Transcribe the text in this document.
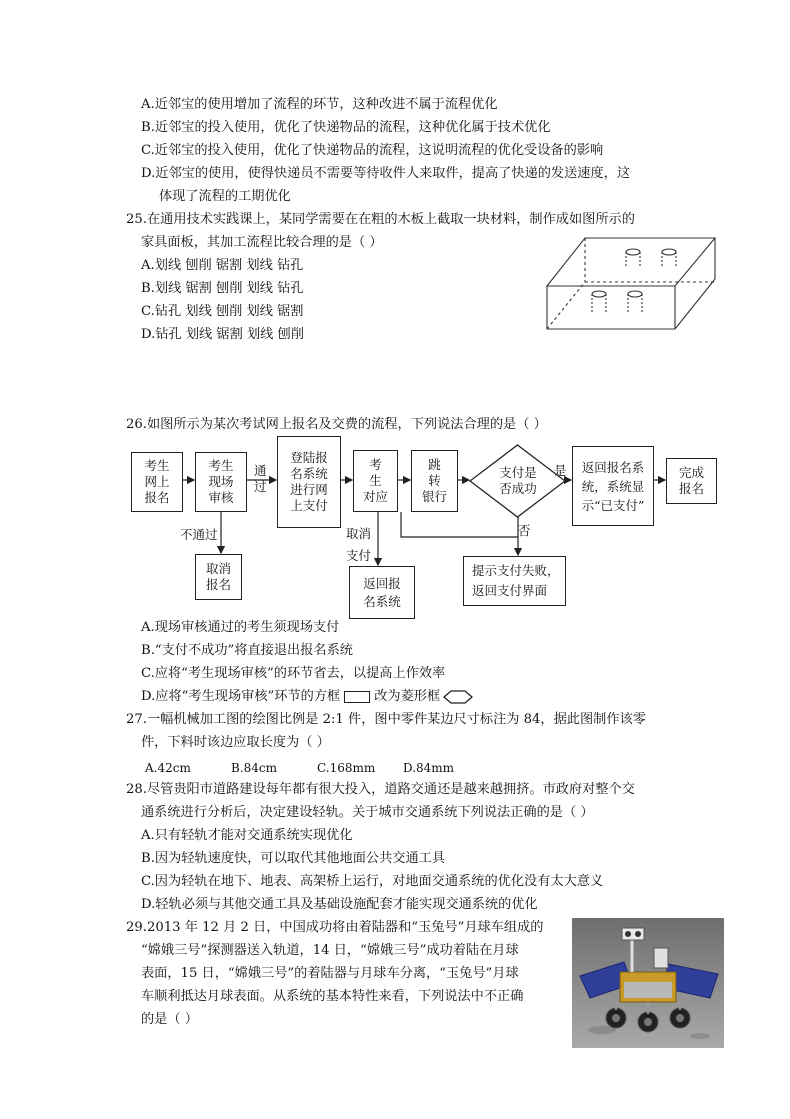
A.近邻宝的使用增加了流程的环节，这种改进不属于流程优化
B.近邻宝的投入使用，优化了快递物品的流程，这种优化属于技术优化
C.近邻宝的投入使用，优化了快递物品的流程，这说明流程的优化受设备的影响
D.近邻宝的使用，使得快递员不需要等待收件人来取件，提高了快递的发送速度，这
体现了流程的工期优化
25.在通用技术实践课上，某同学需要在在粗的木板上截取一块材料，制作成如图所示的
家具面板，其加工流程比较合理的是（ ）
A.划线 刨削 锯割 划线 钻孔
B.划线 锯割 刨削 划线 钻孔
C.钻孔 划线 刨削 划线 锯割
D.钻孔 划线 锯割 划线 刨削
26.如图所示为某次考试网上报名及交费的流程，下列说法合理的是（ ）
考生
网上
报名
考生
现场
审核
通
过
登陆报
名系统
进行网
上支付
考
生
对应
跳
转
银行
支付是
否成功
是 返回报名系
统，系统显
示“已支付”
完成
报名
不通过
取消
报名
取消
支付
返回报
名系统
否
提示支付失败，
返回支付界面
A.现场审核通过的考生须现场支付
B.“支付不成功”将直接退出报名系统
C.应将“考生现场审核”的环节省去，以提高上作效率
D.应将“考生现场审核”环节的方框	改为菱形框
27.一幅机械加工图的绘图比例是 2:1 件，图中零件某边尺寸标注为 84，据此图制作该零
件，下料时该边应取长度为（ ）
A.42cm	B.84cm	C.168mm D.84mm
28.尽管贵阳市道路建设每年都有很大投入，道路交通还是越来越拥挤。市政府对整个交
通系统进行分析后，决定建设轻轨。关于城市交通系统下列说法正确的是（ ）
A.只有轻轨才能对交通系统实现优化
B.因为轻轨速度快，可以取代其他地面公共交通工具
C.因为轻轨在地下、地表、高架桥上运行，对地面交通系统的优化没有太大意义
D.轻轨必须与其他交通工具及基础设施配套才能实现交通系统的优化
29.2013 年 12 月 2 日，中国成功将由着陆器和“玉兔号”月球车组成的
“嫦娥三号”探测器送入轨道，14 日，“嫦娥三号”成功着陆在月球
表面，15 日，“嫦娥三号”的着陆器与月球车分离，“玉兔号”月球
车顺利抵达月球表面。从系统的基本特性来看，下列说法中不正确
的是（ ）
